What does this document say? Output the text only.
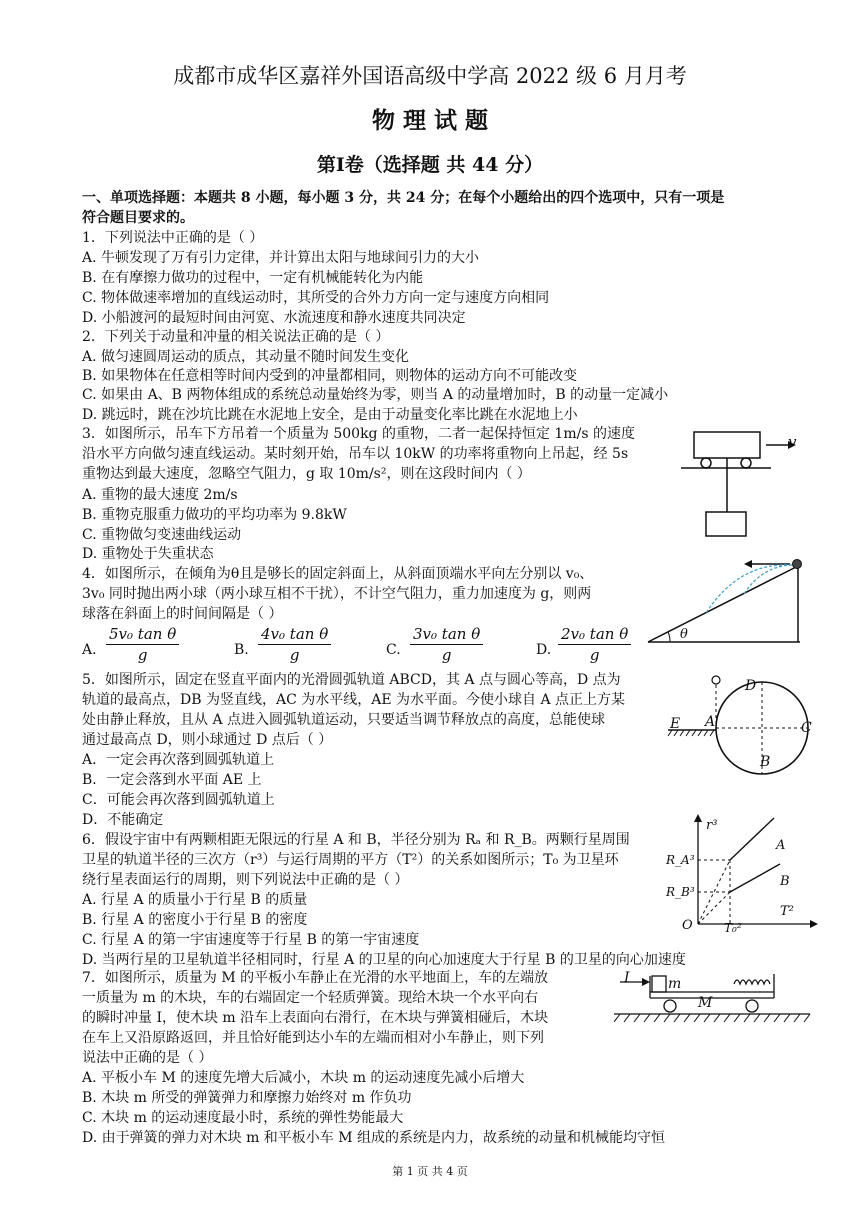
成都市成华区嘉祥外国语高级中学高 2022 级 6 月月考
物 理 试 题
第Ⅰ卷（选择题 共 44 分）
一、单项选择题：本题共 8 小题，每小题 3 分，共 24 分；在每个小题给出的四个选项中，只有一项是
符合题目要求的。
1．下列说法中正确的是（ ）
A. 牛顿发现了万有引力定律，并计算出太阳与地球间引力的大小
B. 在有摩擦力做功的过程中，一定有机械能转化为内能
C. 物体做速率增加的直线运动时，其所受的合外力方向一定与速度方向相同
D. 小船渡河的最短时间由河宽、水流速度和静水速度共同决定
2．下列关于动量和冲量的相关说法正确的是（ ）
A. 做匀速圆周运动的质点，其动量不随时间发生变化
B. 如果物体在任意相等时间内受到的冲量都相同，则物体的运动方向不可能改变
C. 如果由 A、B 两物体组成的系统总动量始终为零，则当 A 的动量增加时，B 的动量一定减小
D. 跳远时，跳在沙坑比跳在水泥地上安全，是由于动量变化率比跳在水泥地上小
3．如图所示，吊车下方吊着一个质量为 500kg 的重物，二者一起保持恒定 1m/s 的速度
沿水平方向做匀速直线运动。某时刻开始，吊车以 10kW 的功率将重物向上吊起，经 5s
重物达到最大速度，忽略空气阻力，g 取 10m/s²，则在这段时间内（ ）
A. 重物的最大速度 2m/s
B. 重物克服重力做功的平均功率为 9.8kW
C. 重物做匀变速曲线运动
D. 重物处于失重状态
v
4．如图所示，在倾角为θ且是够长的固定斜面上，从斜面顶端水平向左分别以 v₀、
3v₀ 同时抛出两小球（两小球互相不干扰），不计空气阻力，重力加速度为 g，则两
球落在斜面上的时间间隔是（ ）
A. $\frac{\text{5v₀ tan θ}}{g}$	B. $\frac{\text{4v₀ tan θ}}{g}$	C. $\frac{\text{3v₀ tan θ}}{g}$	D. $\frac{\text{2v₀ tan θ}}{g}$	θ
5．如图所示，固定在竖直平面内的光滑圆弧轨道 ABCD，其 A 点与圆心等高，D 点为
轨道的最高点，DB 为竖直线，AC 为水平线，AE 为水平面。今使小球自 A 点正上方某
处由静止释放，且从 A 点进入圆弧轨道运动，只要适当调节释放点的高度，总能使球
通过最高点 D，则小球通过 D 点后（ ）
A．一定会再次落到圆弧轨道上
B．一定会落到水平面 AE 上
C．可能会再次落到圆弧轨道上
D．不能确定
D
E A	C
B
6．假设宇宙中有两颗相距无限远的行星 A 和 B，半径分别为 Rₐ 和 R_B。两颗行星周围
卫星的轨道半径的三次方（r³）与运行周期的平方（T²）的关系如图所示；T₀ 为卫星环
绕行星表面运行的周期，则下列说法中正确的是（ ）
A. 行星 A 的质量小于行星 B 的质量
B. 行星 A 的密度小于行星 B 的密度
C. 行星 A 的第一宇宙速度等于行星 B 的第一宇宙速度
D. 当两行星的卫星轨道半径相同时，行星 A 的卫星的向心加速度大于行星 B 的卫星的向心加速度
r³
T²
O
R_A³
R_B³
T₀²
A
B
7．如图所示，质量为 M 的平板小车静止在光滑的水平地面上，车的左端放
一质量为 m 的木块，车的右端固定一个轻质弹簧。现给木块一个水平向右
的瞬时冲量 I，使木块 m 沿车上表面向右滑行，在木块与弹簧相碰后，木块
在车上又沿原路返回，并且恰好能到达小车的左端而相对小车静止，则下列
说法中正确的是（ ）
A. 平板小车 M 的速度先增大后减小，木块 m 的运动速度先减小后增大
B. 木块 m 所受的弹簧弹力和摩擦力始终对 m 作负功
C. 木块 m 的运动速度最小时，系统的弹性势能最大
D. 由于弹簧的弹力对木块 m 和平板小车 M 组成的系统是内力，故系统的动量和机械能均守恒
I	m
M
第 1 页 共 4 页
